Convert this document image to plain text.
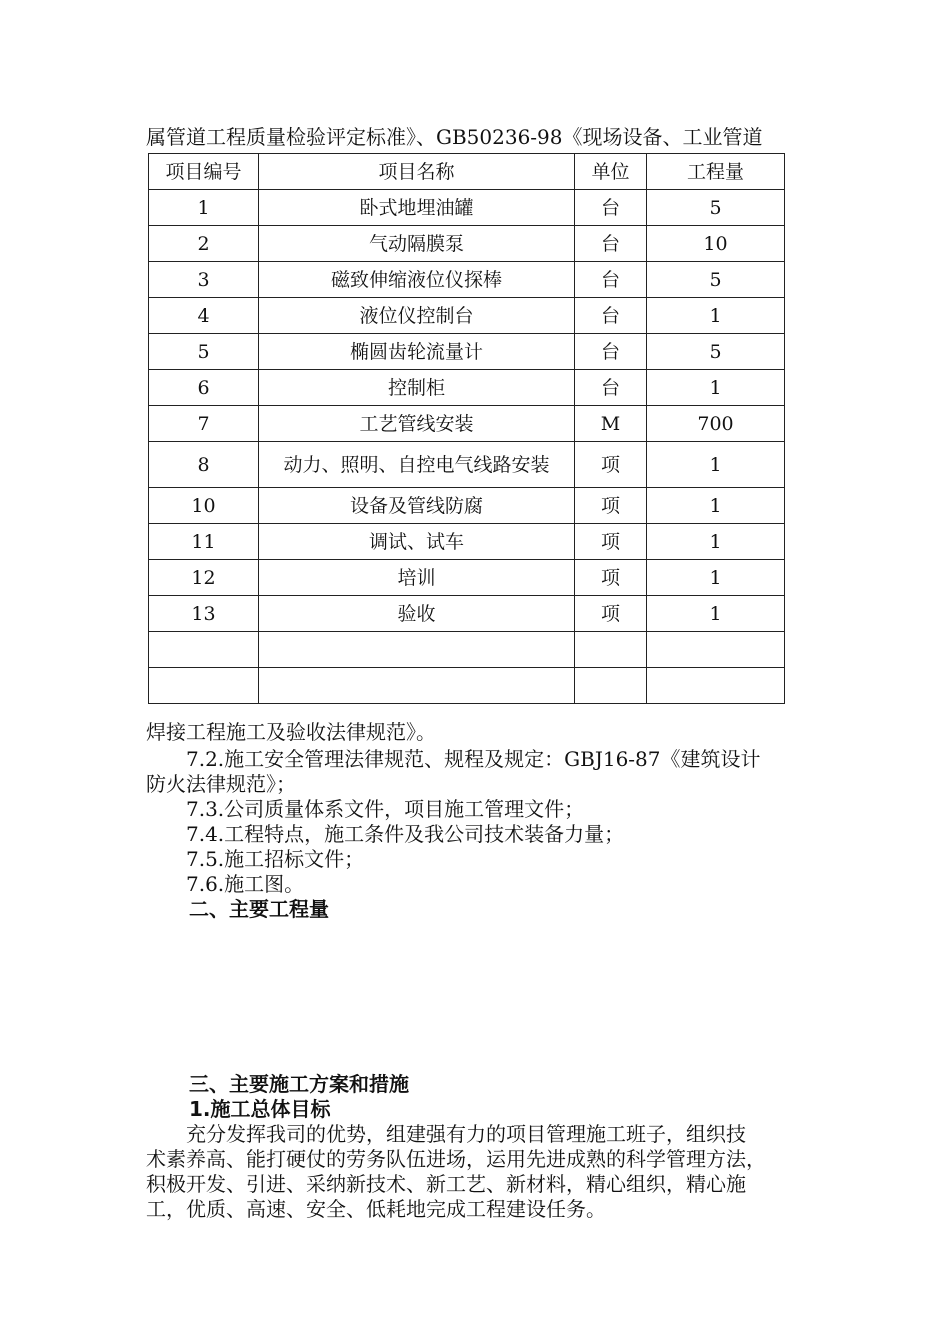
属管道工程质量检验评定标准》、GB50236-98《现场设备、工业管道
项目编号	项目名称	单位	工程量
1	卧式地埋油罐	台	5
2	气动隔膜泵	台	10
3	磁致伸缩液位仪探棒	台	5
4	液位仪控制台	台	1
5	椭圆齿轮流量计	台	5
6	控制柜	台	1
7	工艺管线安装	M	700
8	动力、照明、自控电气线路安装	项	1
10	设备及管线防腐	项	1
11	调试、试车	项	1
12	培训	项	1
13	验收	项	1

焊接工程施工及验收法律规范》。
　　7.2.施工安全管理法律规范、规程及规定：GBJ16-87《建筑设计
防火法律规范》；
　　7.3.公司质量体系文件，项目施工管理文件；
　　7.4.工程特点，施工条件及我公司技术装备力量；
　　7.5.施工招标文件；
　　7.6.施工图。
二、主要工程量
三、主要施工方案和措施
1.施工总体目标
　　充分发挥我司的优势，组建强有力的项目管理施工班子，组织技
术素养高、能打硬仗的劳务队伍进场，运用先进成熟的科学管理方法，
积极开发、引进、采纳新技术、新工艺、新材料，精心组织，精心施
工，优质、高速、安全、低耗地完成工程建设任务。
